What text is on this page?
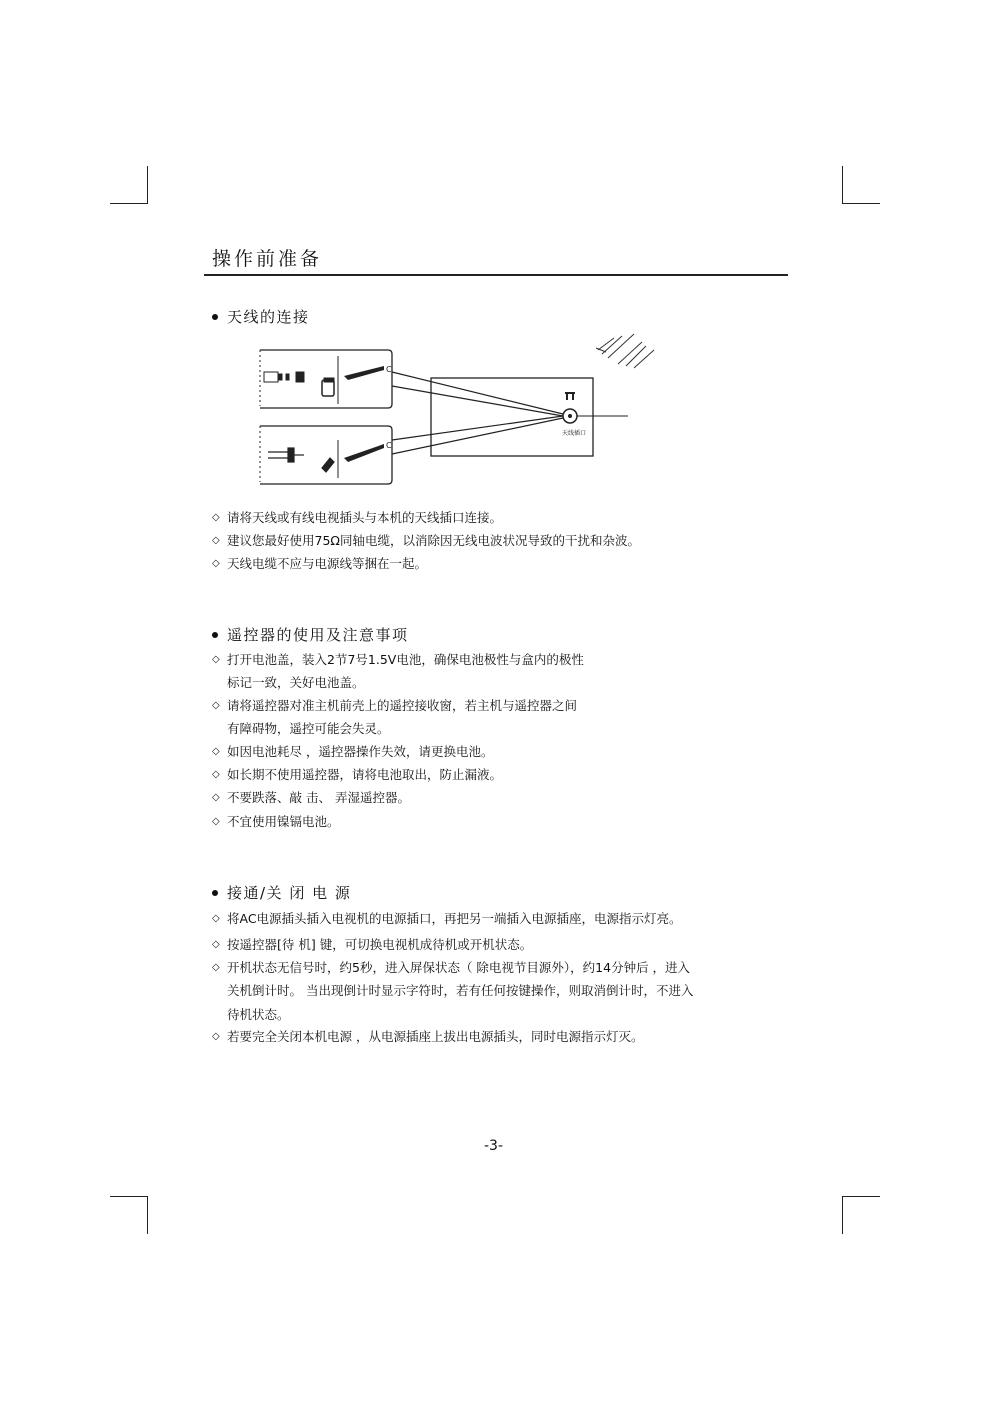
操作前准备
天线的连接
C
C
天线插口
◇ 请将天线或有线电视插头与本机的天线插口连接。
◇ 建议您最好使用75Ω同轴电缆，以消除因无线电波状况导致的干扰和杂波。
◇ 天线电缆不应与电源线等捆在一起。
遥控器的使用及注意事项
◇ 打开电池盖，装入2节7号1.5V电池，确保电池极性与盒内的极性
标记一致，关好电池盖。
◇ 请将遥控器对准主机前壳上的遥控接收窗，若主机与遥控器之间
有障碍物，遥控可能会失灵。
◇ 如因电池耗尽 ，遥控器操作失效，请更换电池。
◇ 如长期不使用遥控器，请将电池取出，防止漏液。
◇ 不要跌落、敲 击、 弄湿遥控器。
◇ 不宜使用镍镉电池。
接通/关 闭 电 源
◇ 将AC电源插头插入电视机的电源插口，再把另一端插入电源插座，电源指示灯亮。
◇ 按遥控器[待 机] 键，可切换电视机成待机或开机状态。
◇ 开机状态无信号时，约5秒，进入屏保状态（ 除电视节目源外），约14分钟后 ，进入
关机倒计时。 当出现倒计时显示字符时，若有任何按键操作，则取消倒计时，不进入
待机状态。
◇ 若要完全关闭本机电源 ，从电源插座上拔出电源插头，同时电源指示灯灭。
-3-
